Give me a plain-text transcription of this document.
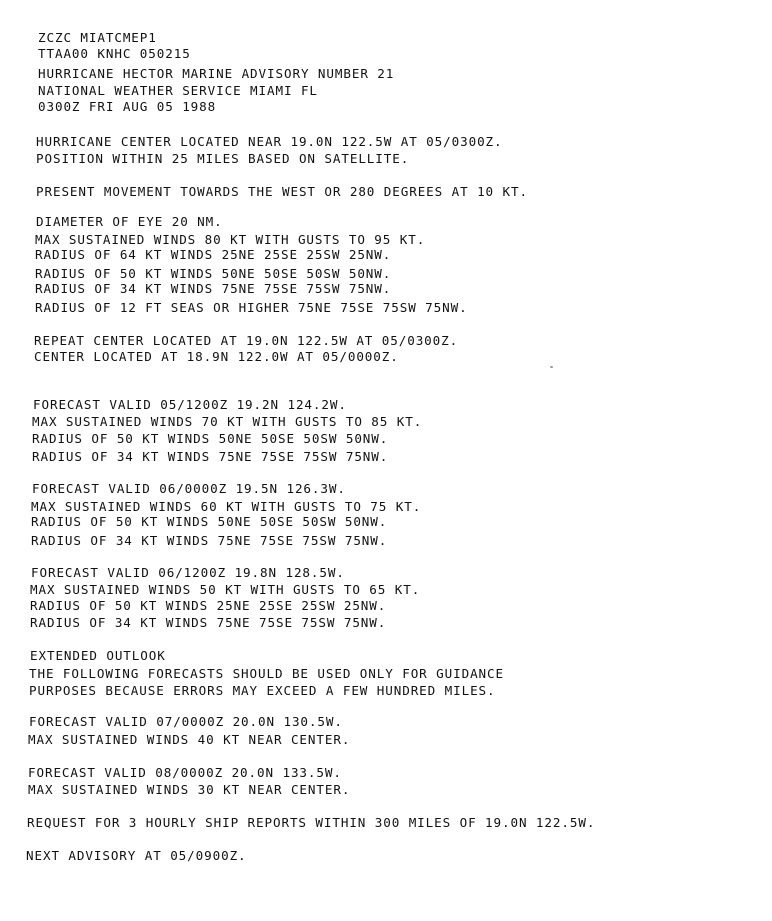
ZCZC MIATCMEP1
TTAA00 KNHC 050215
HURRICANE HECTOR MARINE ADVISORY NUMBER 21
NATIONAL WEATHER SERVICE MIAMI FL
0300Z FRI AUG 05 1988
HURRICANE CENTER LOCATED NEAR 19.0N 122.5W AT 05/0300Z.
POSITION WITHIN 25 MILES BASED ON SATELLITE.
PRESENT MOVEMENT TOWARDS THE WEST OR 280 DEGREES AT 10 KT.
DIAMETER OF EYE 20 NM.
MAX SUSTAINED WINDS 80 KT WITH GUSTS TO 95 KT.
RADIUS OF 64 KT WINDS 25NE 25SE 25SW 25NW.
RADIUS OF 50 KT WINDS 50NE 50SE 50SW 50NW.
RADIUS OF 34 KT WINDS 75NE 75SE 75SW 75NW.
RADIUS OF 12 FT SEAS OR HIGHER 75NE 75SE 75SW 75NW.
REPEAT CENTER LOCATED AT 19.0N 122.5W AT 05/0300Z.
CENTER LOCATED AT 18.9N 122.0W AT 05/0000Z.
FORECAST VALID 05/1200Z 19.2N 124.2W.
MAX SUSTAINED WINDS 70 KT WITH GUSTS TO 85 KT.
RADIUS OF 50 KT WINDS 50NE 50SE 50SW 50NW.
RADIUS OF 34 KT WINDS 75NE 75SE 75SW 75NW.
FORECAST VALID 06/0000Z 19.5N 126.3W.
MAX SUSTAINED WINDS 60 KT WITH GUSTS TO 75 KT.
RADIUS OF 50 KT WINDS 50NE 50SE 50SW 50NW.
RADIUS OF 34 KT WINDS 75NE 75SE 75SW 75NW.
FORECAST VALID 06/1200Z 19.8N 128.5W.
MAX SUSTAINED WINDS 50 KT WITH GUSTS TO 65 KT.
RADIUS OF 50 KT WINDS 25NE 25SE 25SW 25NW.
RADIUS OF 34 KT WINDS 75NE 75SE 75SW 75NW.
EXTENDED OUTLOOK
THE FOLLOWING FORECASTS SHOULD BE USED ONLY FOR GUIDANCE
PURPOSES BECAUSE ERRORS MAY EXCEED A FEW HUNDRED MILES.
FORECAST VALID 07/0000Z 20.0N 130.5W.
MAX SUSTAINED WINDS 40 KT NEAR CENTER.
FORECAST VALID 08/0000Z 20.0N 133.5W.
MAX SUSTAINED WINDS 30 KT NEAR CENTER.
REQUEST FOR 3 HOURLY SHIP REPORTS WITHIN 300 MILES OF 19.0N 122.5W.
NEXT ADVISORY AT 05/0900Z.
